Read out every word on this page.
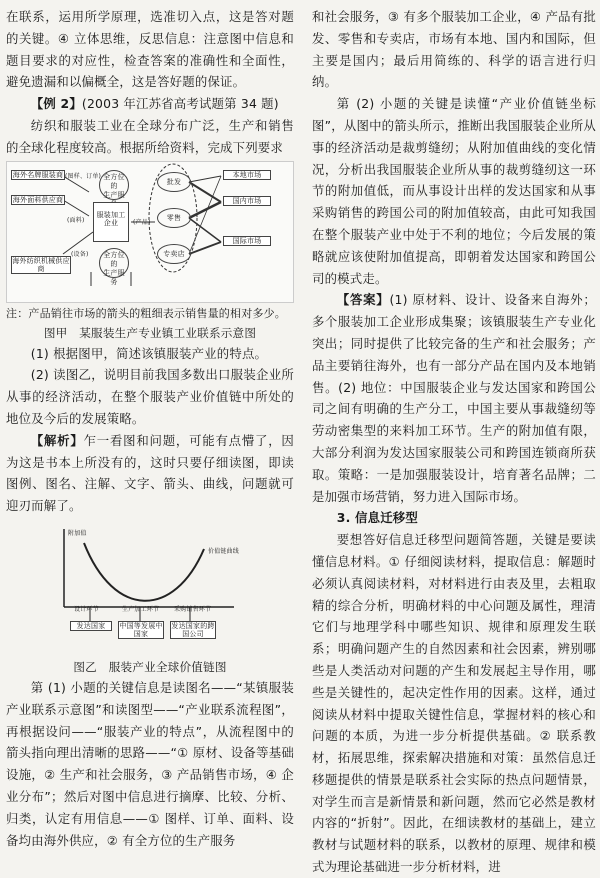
在联系，运用所学原理，选准切入点，这是答对题的关键。④ 立体思维，反思信息：注意图中信息和题目要求的对应性，检查答案的准确性和全面性，避免遗漏和以偏概全，这是答好题的保证。

【例 2】(2003 年江苏省高考试题第 34 题)

纺织和服装工业在全球分布广泛，生产和销售的全球化程度较高。根据所给资料，完成下列要求

海外名牌服装商
海外面料供应商
海外纺织机械供应商
(图样、订单)
(面料)
(设备)
全方位的
生产服
服装加工企业
全方位的
生产服务
(产品)
批发
零售
专卖店
本地市场
国内市场
国际市场

注：产品销往市场的箭头的粗细表示销售量的相对多少。

图甲　某服装生产专业镇工业联系示意图

(1) 根据图甲，简述该镇服装产业的特点。

(2) 读图乙，说明目前我国多数出口服装企业所从事的经济活动，在整个服装产业价值链中所处的地位及今后的发展策略。

【解析】乍一看图和问题，可能有点懵了，因为这是书本上所没有的，这时只要仔细读图，即读图例、图名、注解、文字、箭头、曲线，问题就可迎刃而解了。

附加值
价值链曲线
设计环节	生产加工环节 采购销售环节
发达国家	中国等发展中国家
发达国家的跨国公司

图乙　服装产业全球价值链图

第 (1) 小题的关键信息是读图名——“某镇服装产业联系示意图”和读图型——“产业联系流程图”，再根据设问——“服装产业的特点”，从流程图中的箭头指向理出清晰的思路——“① 原材、设备等基础设施，② 生产和社会服务，③ 产品销售市场，④ 企业分布”；然后对图中信息进行摘摩、比较、分析、归类，认定有用信息——① 图样、订单、面料、设备均由海外供应，② 有全方位的生产服务

和社会服务，③ 有多个服装加工企业，④ 产品有批发、零售和专卖店，市场有本地、国内和国际，但主要是国内；最后用简练的、科学的语言进行归纳。

第 (2) 小题的关键是读懂“产业价值链坐标图”，从图中的箭头所示，推断出我国服装企业所从事的经济活动是裁剪缝纫；从附加值曲线的变化情况，分析出我国服装企业所从事的裁剪缝纫这一环节的附加值低，而从事设计出样的发达国家和从事采购销售的跨国公司的附加值较高，由此可知我国在整个服装产业中处于不利的地位；今后发展的策略就应该使附加值提高，即朝着发达国家和跨国公司的模式走。

【答案】(1) 原材料、设计、设备来自海外；多个服装加工企业形成集聚；该镇服装生产专业化突出；同时提供了比较完备的生产和社会服务；产品主要销往海外，也有一部分产品在国内及本地销售。(2) 地位：中国服装企业与发达国家和跨国公司之间有明确的生产分工，中国主要从事裁缝纫等劳动密集型的来料加工环节。生产的附加值有限，大部分利润为发达国家服装公司和跨国连锁商所获取。策略：一是加强服装设计，培育著名品牌；二是加强市场营销，努力进入国际市场。

3. 信息迁移型

要想答好信息迁移型问题简答题，关键是要读懂信息材料。① 仔细阅读材料，提取信息：解题时必须认真阅读材料，对材料进行由表及里，去粗取精的综合分析，明确材料的中心问题及属性，理清它们与地理学科中哪些知识、规律和原理发生联系；明确问题产生的自然因素和社会因素，辨别哪些是人类活动对问题的产生和发展起主导作用，哪些是关键性的，起决定性作用的因素。这样，通过阅读从材料中提取关键性信息，掌握材料的核心和问题的本质，为进一步分析提供基础。② 联系教材，拓展思维，探索解决措施和对策：虽然信息迁移题提供的情景是联系社会实际的热点问题情景，对学生而言是新情景和新问题，然而它必然是教材内容的“折射”。因此，在细读教材的基础上，建立教材与试题材料的联系，以教材的原理、规律和模式为理论基础进一步分析材料，进
